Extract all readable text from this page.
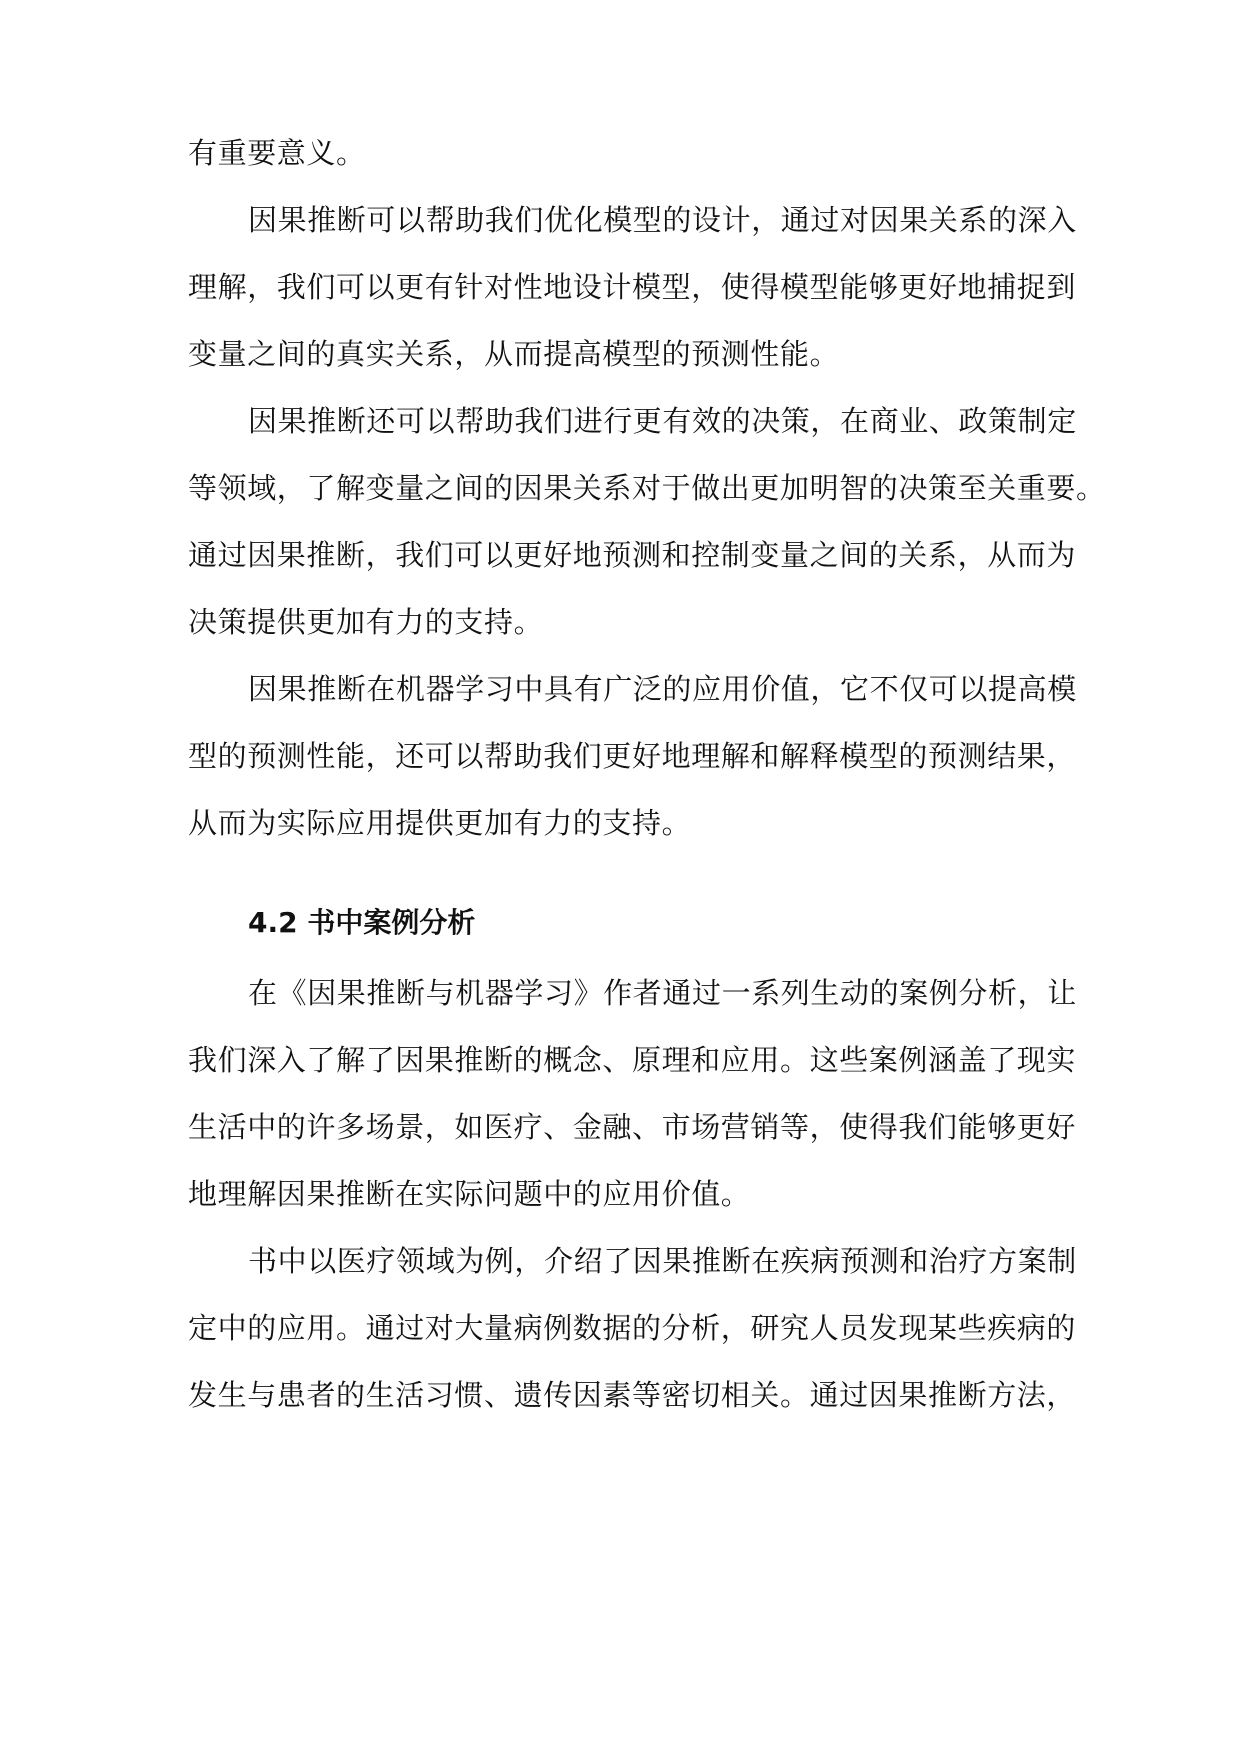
有重要意义。
因果推断可以帮助我们优化模型的设计，通过对因果关系的深入
理解，我们可以更有针对性地设计模型，使得模型能够更好地捕捉到
变量之间的真实关系，从而提高模型的预测性能。
因果推断还可以帮助我们进行更有效的决策，在商业、政策制定
等领域，了解变量之间的因果关系对于做出更加明智的决策至关重要。
通过因果推断，我们可以更好地预测和控制变量之间的关系，从而为
决策提供更加有力的支持。
因果推断在机器学习中具有广泛的应用价值，它不仅可以提高模
型的预测性能，还可以帮助我们更好地理解和解释模型的预测结果，
从而为实际应用提供更加有力的支持。
4.2 书中案例分析
在《因果推断与机器学习》作者通过一系列生动的案例分析，让
我们深入了解了因果推断的概念、原理和应用。这些案例涵盖了现实
生活中的许多场景，如医疗、金融、市场营销等，使得我们能够更好
地理解因果推断在实际问题中的应用价值。
书中以医疗领域为例，介绍了因果推断在疾病预测和治疗方案制
定中的应用。通过对大量病例数据的分析，研究人员发现某些疾病的
发生与患者的生活习惯、遗传因素等密切相关。通过因果推断方法，
